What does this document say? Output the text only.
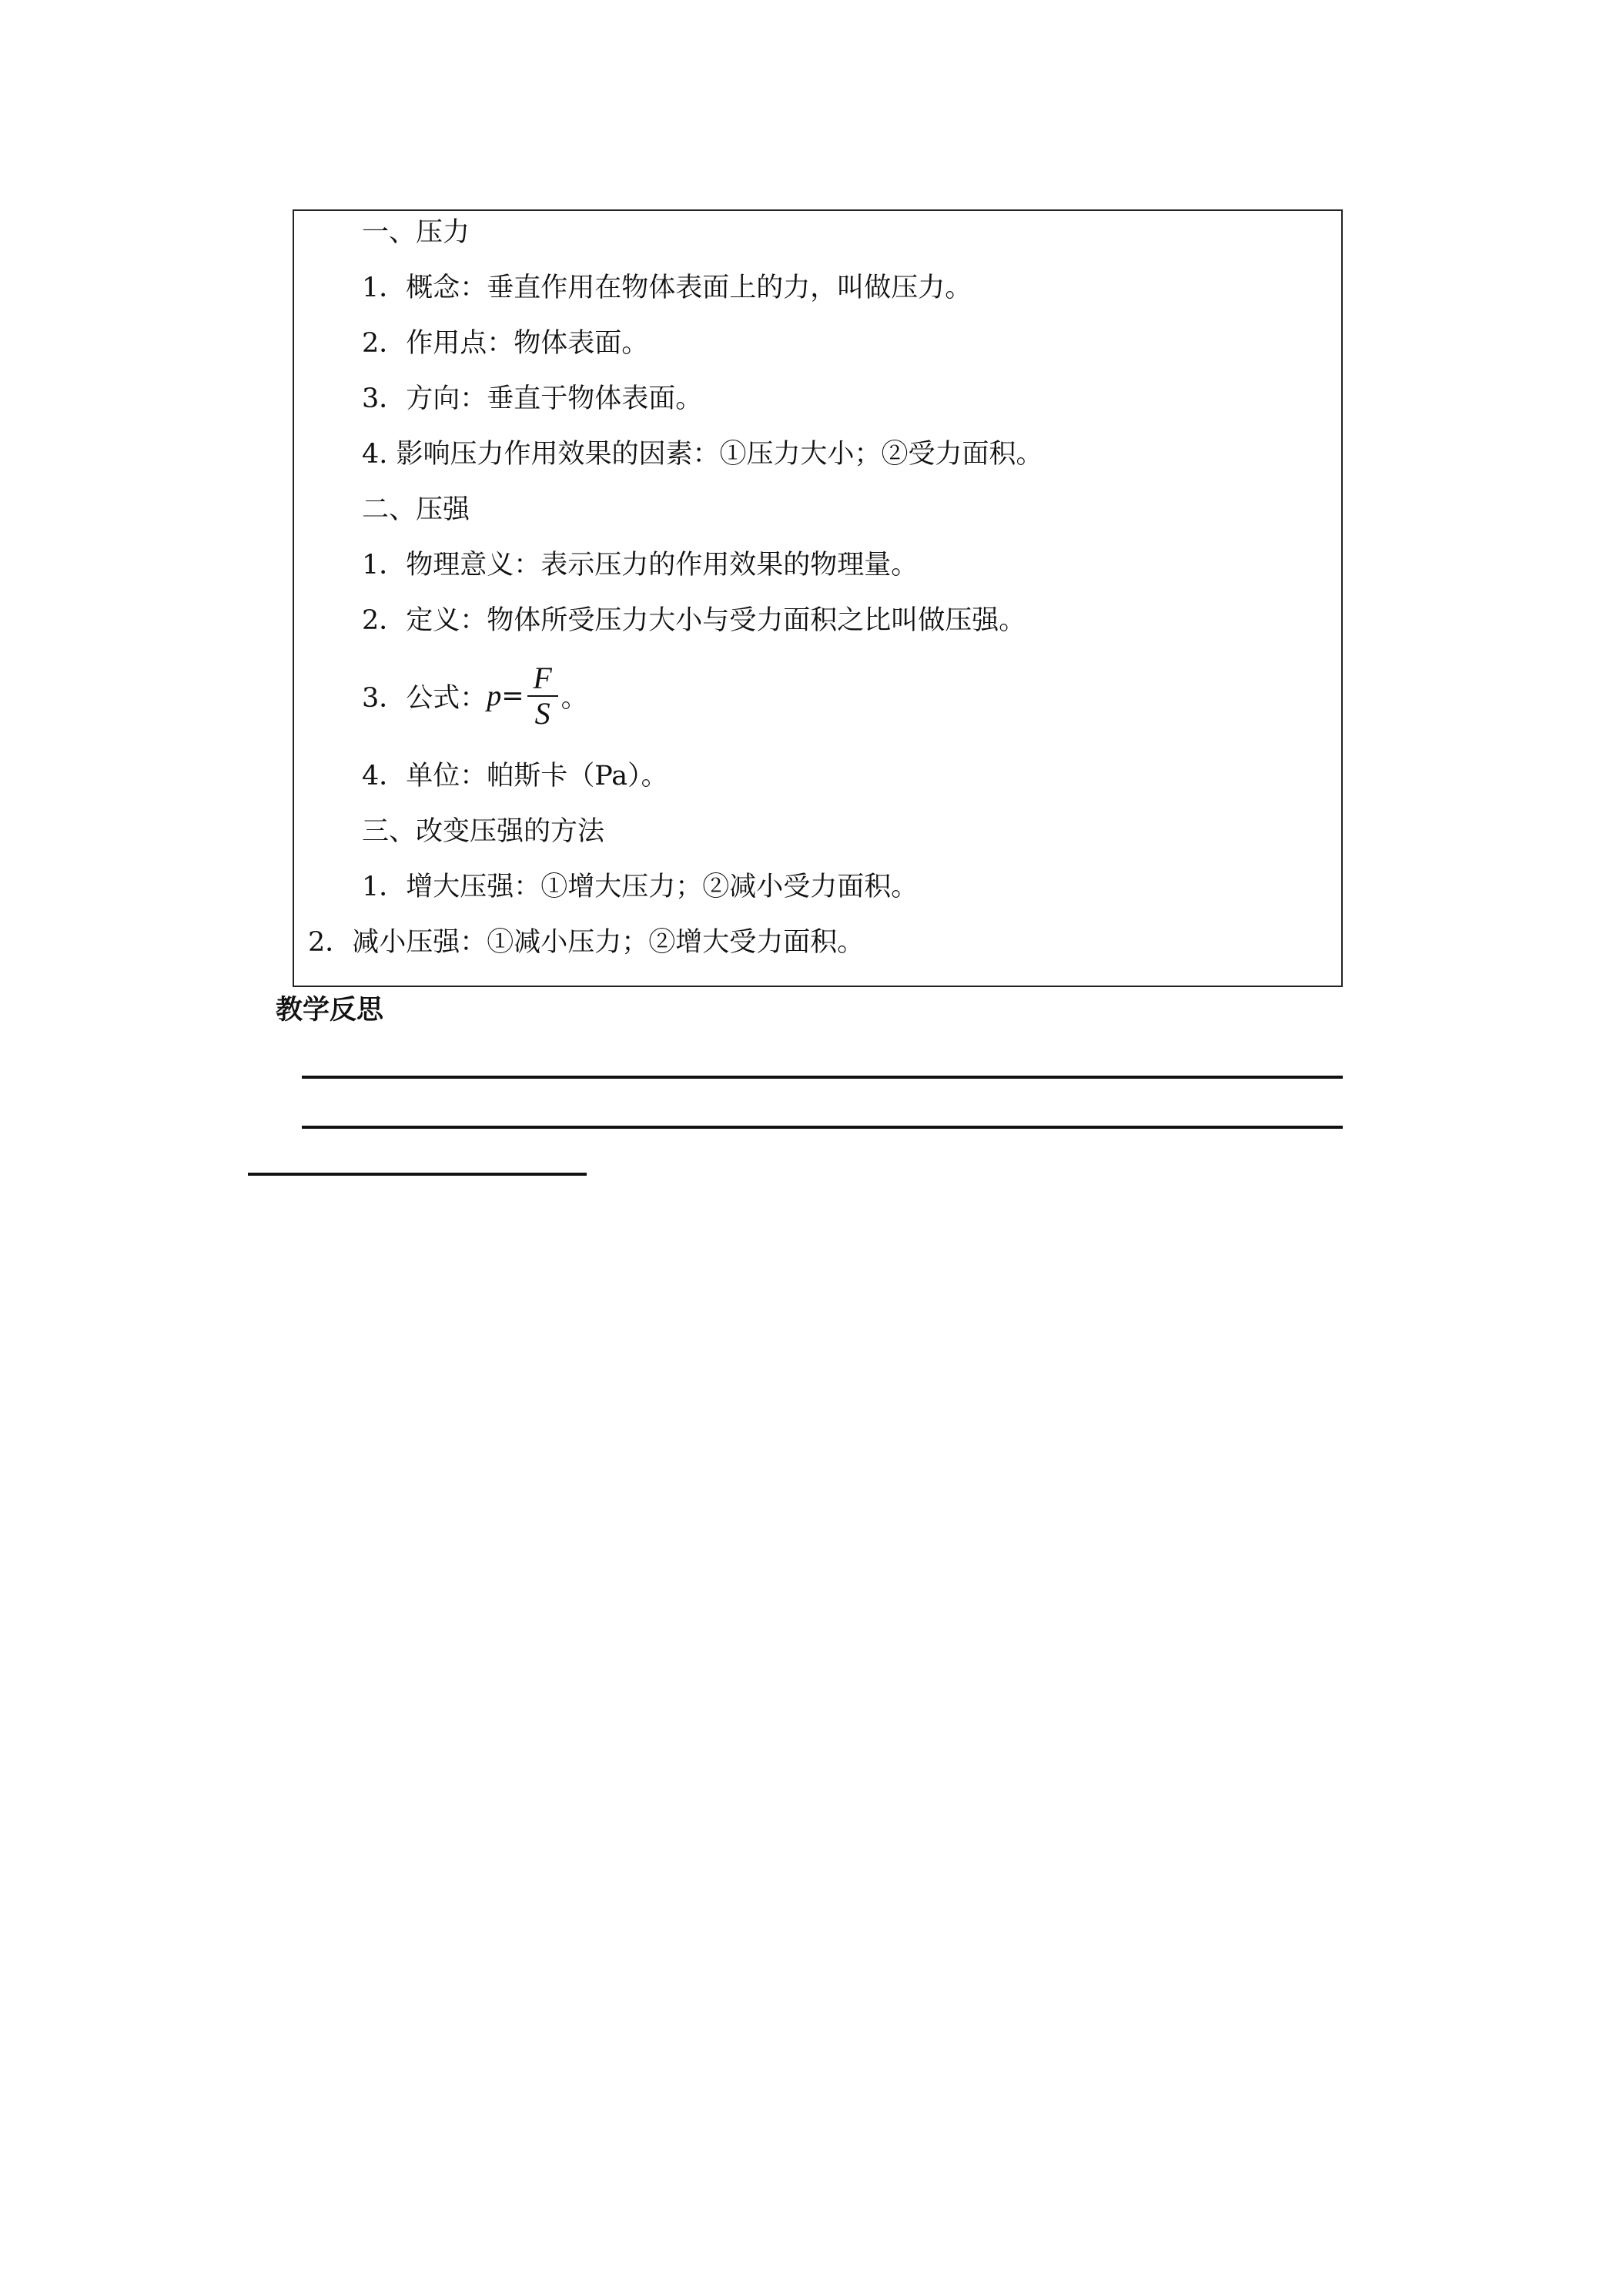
一、压力
1．概念：垂直作用在物体表面上的力，叫做压力。
2．作用点：物体表面。
3．方向：垂直于物体表面。
4. 影响压力作用效果的因素：①压力大小；②受力面积。
二、压强
1．物理意义：表示压力的作用效果的物理量。
2．定义：物体所受压力大小与受力面积之比叫做压强。
3．公式： $p = \frac{F}{S}$ 。
4．单位：帕斯卡（Pa）。
三、改变压强的方法
1．增大压强：①增大压力；②减小受力面积。
2．减小压强：①减小压力；②增大受力面积。
教学反思
